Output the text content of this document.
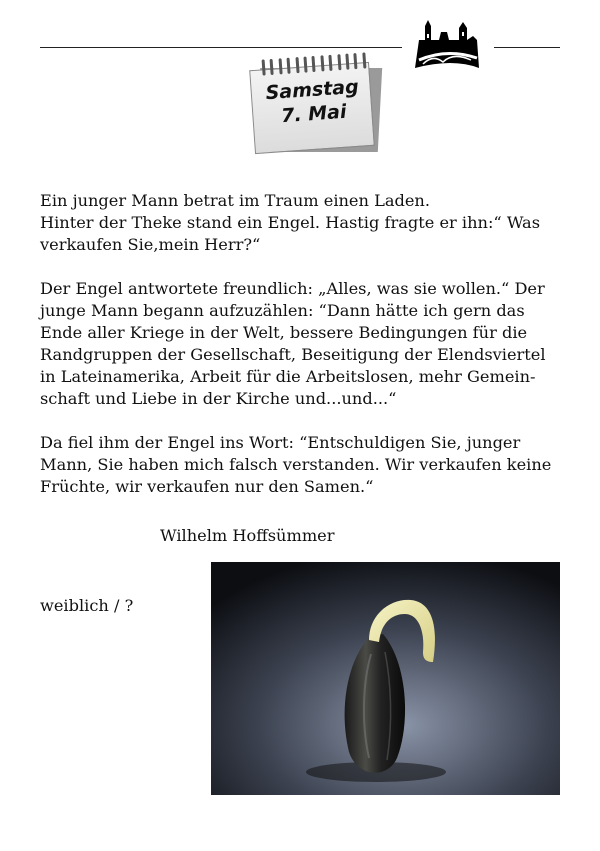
Samstag
7. Mai

Ein junger Mann betrat im Traum einen Laden.
Hinter der Theke stand ein Engel. Hastig fragte er ihn:“ Was
verkaufen Sie,mein Herr?“

Der Engel antwortete freundlich: „Alles, was sie wollen.“ Der
junge Mann begann aufzuzählen: “Dann hätte ich gern das
Ende aller Kriege in der Welt, bessere Bedingungen für die
Randgruppen der Gesellschaft, Beseitigung der Elendsviertel
in Lateinamerika, Arbeit für die Arbeitslosen, mehr Gemein-
schaft und Liebe in der Kirche und...und...“

Da fiel ihm der Engel ins Wort: “Entschuldigen Sie, junger
Mann, Sie haben mich falsch verstanden. Wir verkaufen keine
Früchte, wir verkaufen nur den Samen.“

Wilhelm Hoffsümmer
weiblich / ?
